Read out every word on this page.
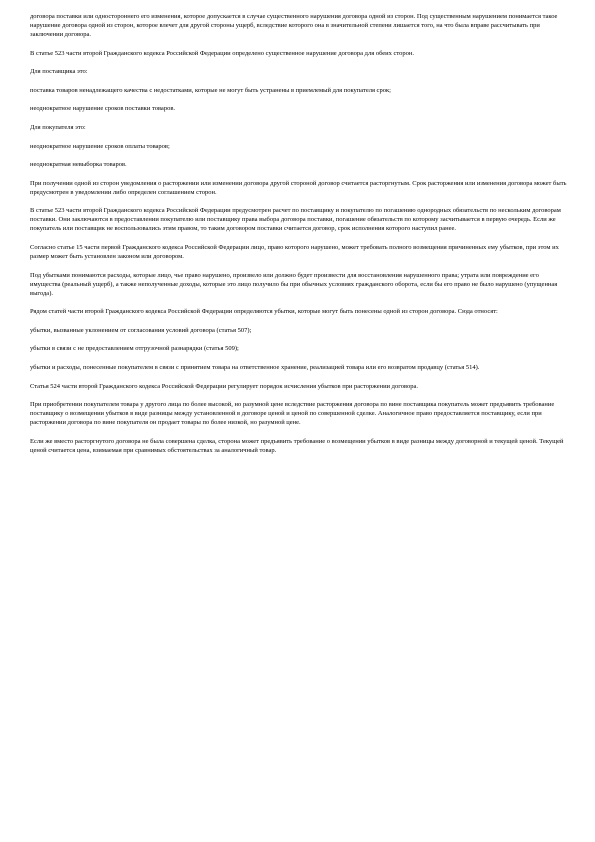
договора поставки или одностороннего его изменения, которое допускается в случае существенного нарушения договора одной из сторон. Под существенным нарушением понимается такое нарушение договора одной из сторон, которое влечет для другой стороны ущерб, вследствие которого она в значительной степени лишается того, на что была вправе рассчитывать при заключении договора.

В статье 523 части второй Гражданского кодекса Российской Федерации определено существенное нарушение договора для обеих сторон.

Для поставщика это:

поставка товаров ненадлежащего качества с недостатками, которые не могут быть устранены в приемлемый для покупателя срок;

неоднократное нарушение сроков поставки товаров.

Для покупателя это:

неоднократное нарушение сроков оплаты товаров;

неоднократная невыборка товаров.

При получении одной из сторон уведомления о расторжении или изменении договора другой стороной договор считается расторгнутым. Срок расторжения или изменения договора может быть предусмотрен в уведомлении либо определен соглашением сторон.

В статье 523 части второй Гражданского кодекса Российской Федерации предусмотрен расчет по поставщику и покупателю по погашению однородных обязательств по нескольким договорам поставки. Они заключаются в предоставлении покупателю или поставщику права выбора договора поставки, погашение обязательств по которому засчитывается в первую очередь. Если же покупатель или поставщик не воспользовались этим правом, то таким договором поставки считается договор, срок исполнения которого наступил ранее.

Согласно статье 15 части первой Гражданского кодекса Российской Федерации лицо, право которого нарушено, может требовать полного возмещения причиненных ему убытков, при этом их размер может быть установлен законом или договором.

Под убытками понимаются расходы, которые лицо, чье право нарушено, произвело или должно будет произвести для восстановления нарушенного права; утрата или повреждение его имущества (реальный ущерб), а также неполученные доходы, которые это лицо получило бы при обычных условиях гражданского оборота, если бы его право не было нарушено (упущенная выгода).

Рядом статей части второй Гражданского кодекса Российской Федерации определяются убытки, которые могут быть понесены одной из сторон договора. Сюда относят:

убытки, вызванные уклонением от согласования условий договора (статья 507);

убытки в связи с не предоставлением отгрузочной разнарядки (статья 509);

убытки и расходы, понесенные покупателем в связи с принятием товара на ответственное хранение, реализацией товара или его возвратом продавцу (статья 514).

Статья 524 части второй Гражданского кодекса Российской Федерации регулирует порядок исчисления убытков при расторжении договора.

При приобретении покупателем товара у другого лица по более высокой, но разумной цене вследствие расторжения договора по вине поставщика покупатель может предъявить требование поставщику о возмещении убытков в виде разницы между установленной в договоре ценой и ценой по совершенной сделке. Аналогичное право предоставляется поставщику, если при расторжении договора по вине покупателя он продает товары по более низкой, но разумной цене.

Если же вместо расторгнутого договора не была совершена сделка, сторона может предъявить требование о возмещении убытков в виде разницы между договорной и текущей ценой. Текущей ценой считается цена, взимаемая при сравнимых обстоятельствах за аналогичный товар.
